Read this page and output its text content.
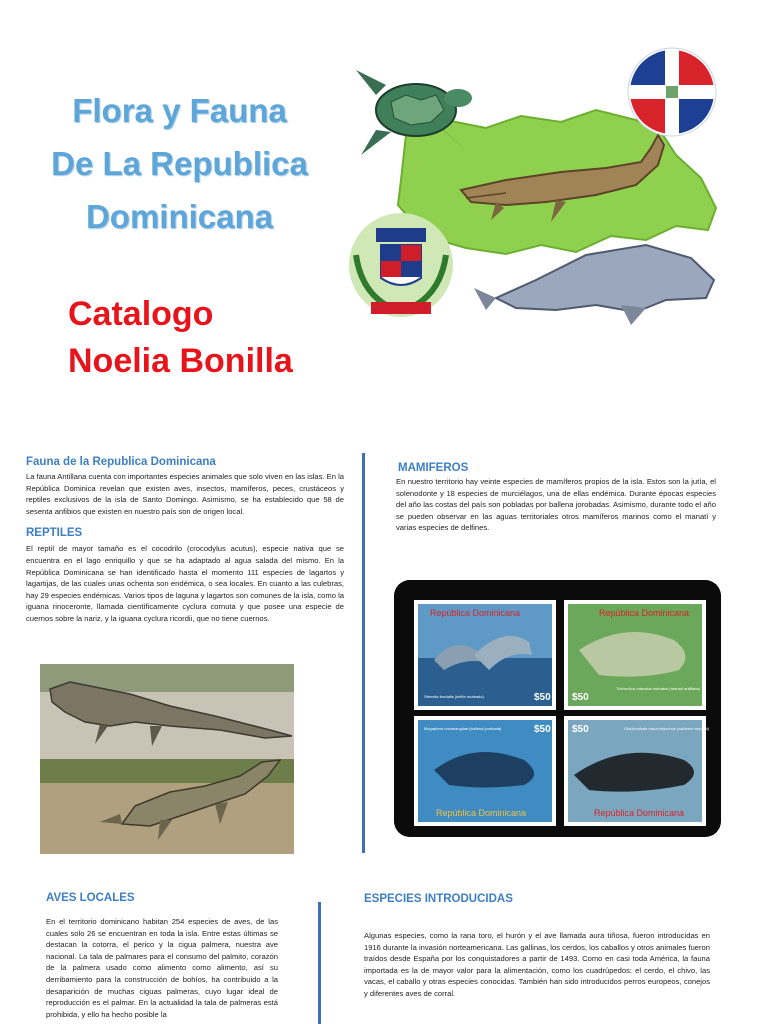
Flora y Fauna
De La Republica
Dominicana
Catalogo
Noelia Bonilla

Fauna de la Republica Dominicana

La fauna Antillana cuenta con importantes especies animales que solo viven en las islas. En la República Dominica revelan que existen aves, insectos, mamíferos, peces, crustáceos y reptiles exclusivos de la isla de Santo Domingo. Asimismo, se ha establecido que 58 de sesenta anfibios que existen en nuestro país son de origen local.

REPTILES

El reptil de mayor tamaño es el cocodrilo (crocodylus acutus), especie nativa que se encuentra en el lago enriquillo y que se ha adaptado al agua salada del mismo. En la República Dominicana se han identificado hasta el momento 111 especies de lagartos y lagartijas, de las cuales unas ochenta son endémica, o sea locales. En cuanto a las culebras, hay 29 especies endémicas. Varios tipos de laguna y lagartos son comunes de la isla, como la iguana rinoceronte, llamada científicamente cyclura cornuta y que posee una especie de cuernos sobre la nariz, y la iguana cyclura ricordii, que no tiene cuernos.

MAMIFEROS

En nuestro territorio hay veinte especies de mamíferos propios de la isla. Estos son la jutía, el solenodonte y 18 especies de murciélagos, una de ellas endémica. Durante épocas especies del año las costas del país son pobladas por ballena jorobadas. Asimismo, durante todo el año se pueden observar en las aguas territoriales otros mamíferos marinos como el manatí y varias especies de delfines.

República Dominicana
$50
Stenella frontalis (delfín moteado)
República Dominicana
$50
Trichechus manatus manatus (manatí antillano)
$50
República Dominicana
Megaptera novaeangliae (ballena jorobada)	$50
República Dominicana
Globicephala macrorhynchus (calderón tropical)

AVES LOCALES

En el territorio dominicano habitan 254 especies de aves, de las cuales solo 26 se encuentran en toda la isla. Entre estas últimas se destacan la cotorra, el perico y la cigua palmera, nuestra ave nacional. La tala de palmares para el consumo del palmito, corazón de la palmera usado como alimento como alimento, así su derribamiento para la construcción de bohíos, ha contribuido a la desaparición de muchas ciguas palmeras, cuyo lugar ideal de reproducción es el palmar. En la actualidad la tala de palmeras está prohibida, y ello ha hecho posible la

ESPECIES INTRODUCIDAS

Algunas especies, como la rana toro, el hurón y el ave llamada aura tiñosa, fueron introducidas en 1916 durante la invasión norteamericana. Las gallinas, los cerdos, los caballos y otros animales fueron traídos desde España por los conquistadores a partir de 1493. Como en casi toda América, la fauna importada es la de mayor valor para la alimentación, como los cuadrúpedos: el cerdo, el chivo, las vacas, el caballo y otras especies conocidas. También han sido introducidos perros europeos, conejos y diferentes aves de corral.
